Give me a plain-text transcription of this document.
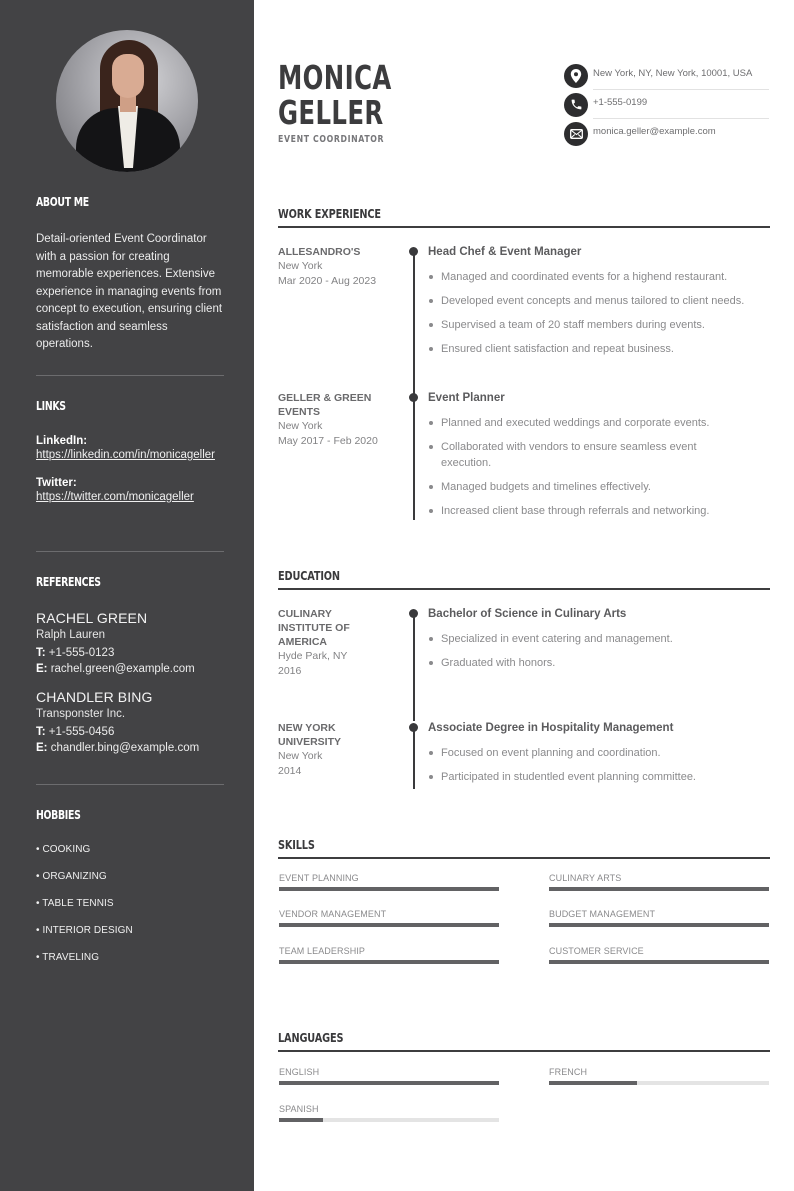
ABOUT ME

Detail-oriented Event Coordinator with a passion for creating memorable experiences. Extensive experience in managing events from concept to execution, ensuring client satisfaction and seamless operations.

LINKS
LinkedIn:
https://linkedin.com/in/monicageller
Twitter:
https://twitter.com/monicageller
REFERENCES
RACHEL GREEN
Ralph Lauren
T: +1-555-0123
E: rachel.green@example.com
CHANDLER BING
Transponster Inc.
T: +1-555-0456
E: chandler.bing@example.com
HOBBIES
• COOKING
• ORGANIZING
• TABLE TENNIS
• INTERIOR DESIGN
• TRAVELING
MONICA
GELLER
EVENT COORDINATOR
New York, NY, New York, 10001, USA
+1-555-0199
monica.geller@example.com
WORK EXPERIENCE
ALLESANDRO'S
New York
Mar 2020 - Aug 2023
Head Chef & Event Manager
Managed and coordinated events for a highend restaurant.
Developed event concepts and menus tailored to client needs.
Supervised a team of 20 staff members during events.
Ensured client satisfaction and repeat business.
GELLER & GREEN EVENTS
New York
May 2017 - Feb 2020
Event Planner
Planned and executed weddings and corporate events.
Collaborated with vendors to ensure seamless event execution.
Managed budgets and timelines effectively.
Increased client base through referrals and networking.
EDUCATION
CULINARY INSTITUTE OF AMERICA
Hyde Park, NY
2016
Bachelor of Science in Culinary Arts
Specialized in event catering and management.
Graduated with honors.
NEW YORK UNIVERSITY
New York
2014
Associate Degree in Hospitality Management
Focused on event planning and coordination.
Participated in studentled event planning committee.
SKILLS
EVENT PLANNING	CULINARY ARTS
VENDOR MANAGEMENT	BUDGET MANAGEMENT
TEAM LEADERSHIP	CUSTOMER SERVICE
LANGUAGES
ENGLISH	FRENCH
SPANISH
